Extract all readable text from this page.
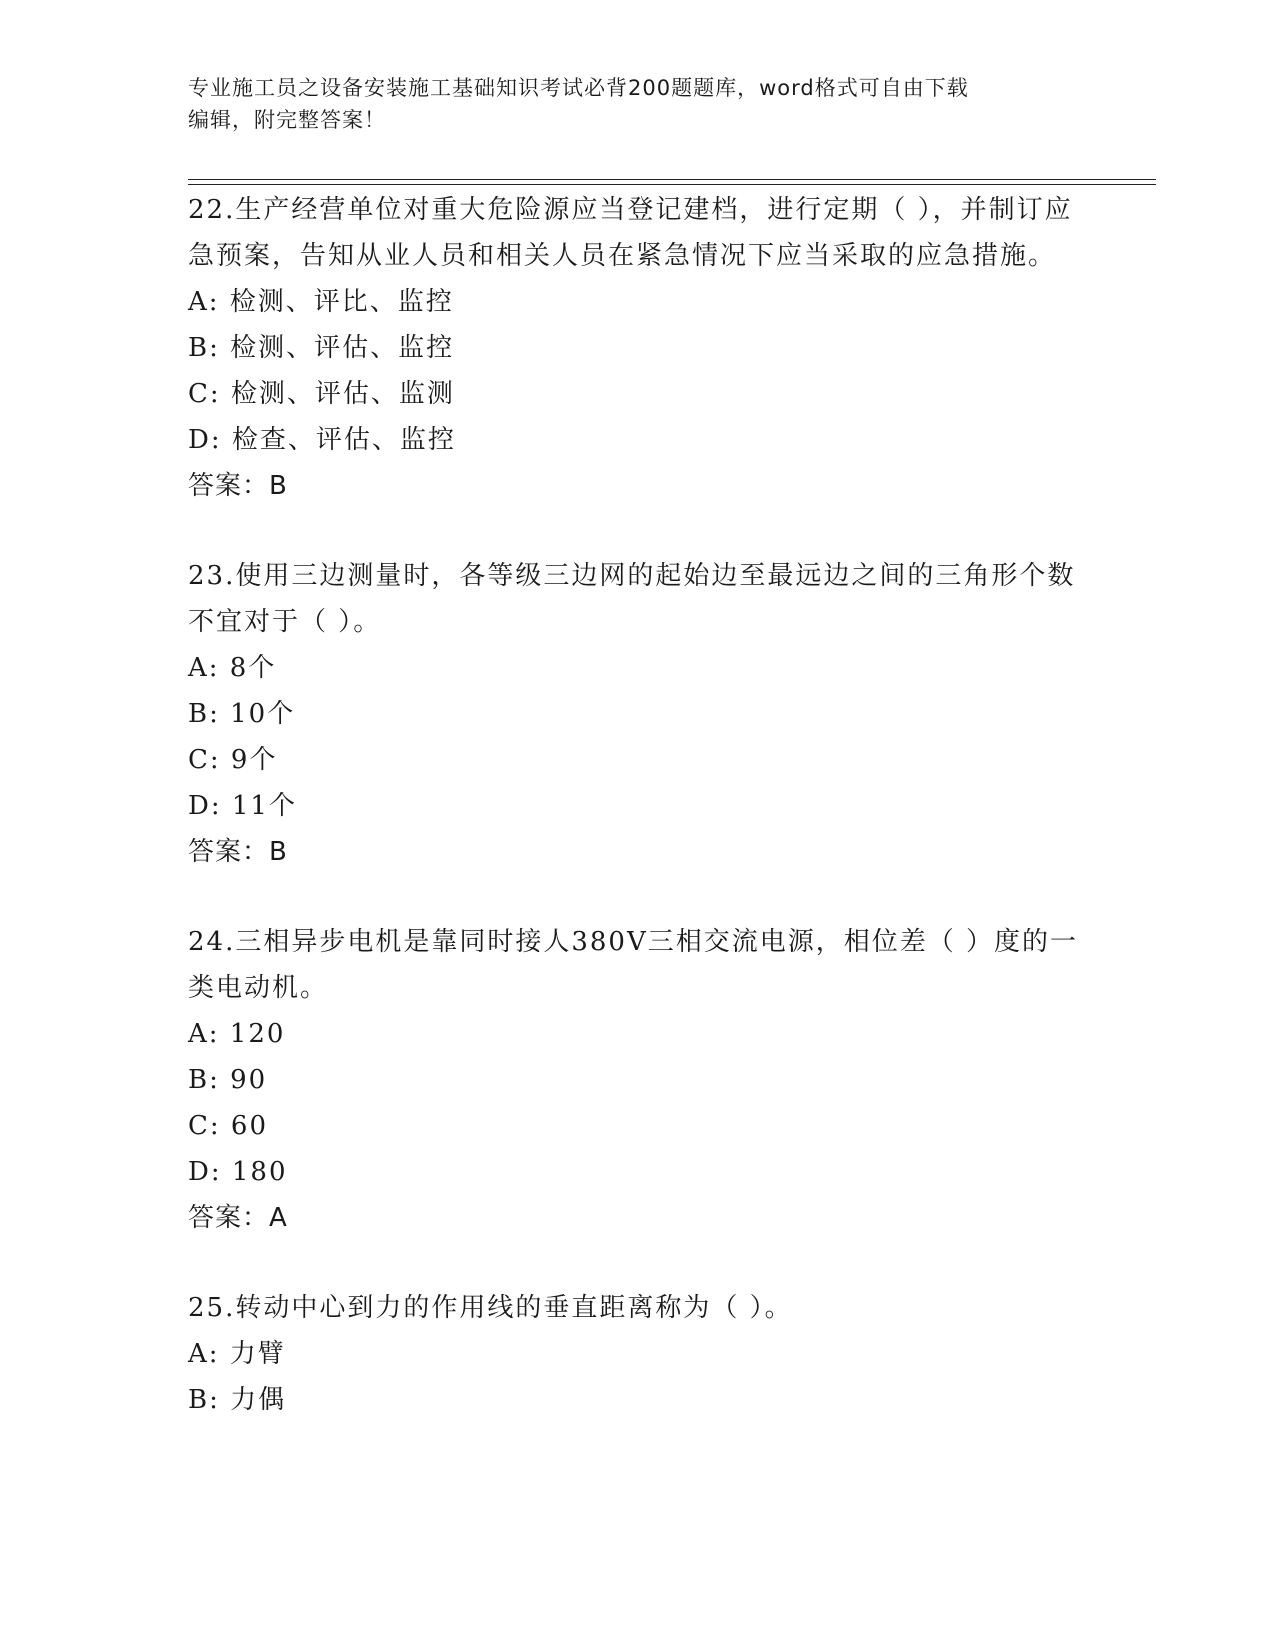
专业施工员之设备安装施工基础知识考试必背200题题库，word格式可自由下载
编辑，附完整答案！
22.生产经营单位对重大危险源应当登记建档，进行定期（ ），并制订应急预案，告知从业人员和相关人员在紧急情况下应当采取的应急措施。
A: 检测、评比、监控
B: 检测、评估、监控
C: 检测、评估、监测
D: 检查、评估、监控
答案：B
23.使用三边测量时，各等级三边网的起始边至最远边之间的三角形个数不宜对于（ ）。
A: 8个
B: 10个
C: 9个
D: 11个
答案：B
24.三相异步电机是靠同时接人380V三相交流电源，相位差（ ）度的一类电动机。
A: 120
B: 90
C: 60
D: 180
答案：A
25.转动中心到力的作用线的垂直距离称为（ ）。
A: 力臂
B: 力偶
